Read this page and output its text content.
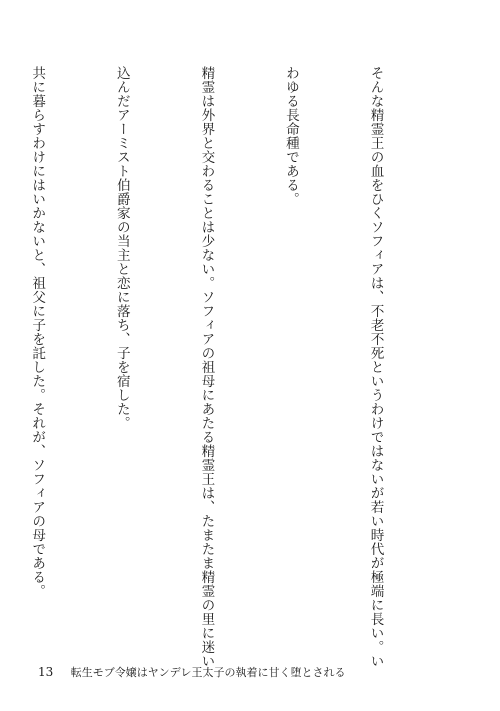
そんな精霊王の血をひくソフィアは、不老不死というわけではないが若い時代が極端に長い。い

わゆる長命種である。

精霊は外界と交わることは少ない。ソフィアの祖母にあたる精霊王は、たまたま精霊の里に迷い

込んだアーミスト伯爵家の当主と恋に落ち、子を宿した。

共に暮らすわけにはいかないと、祖父に子を託した。それが、ソフィアの母である。

13 転生モブ令嬢はヤンデレ王太子の執着に甘く堕とされる
